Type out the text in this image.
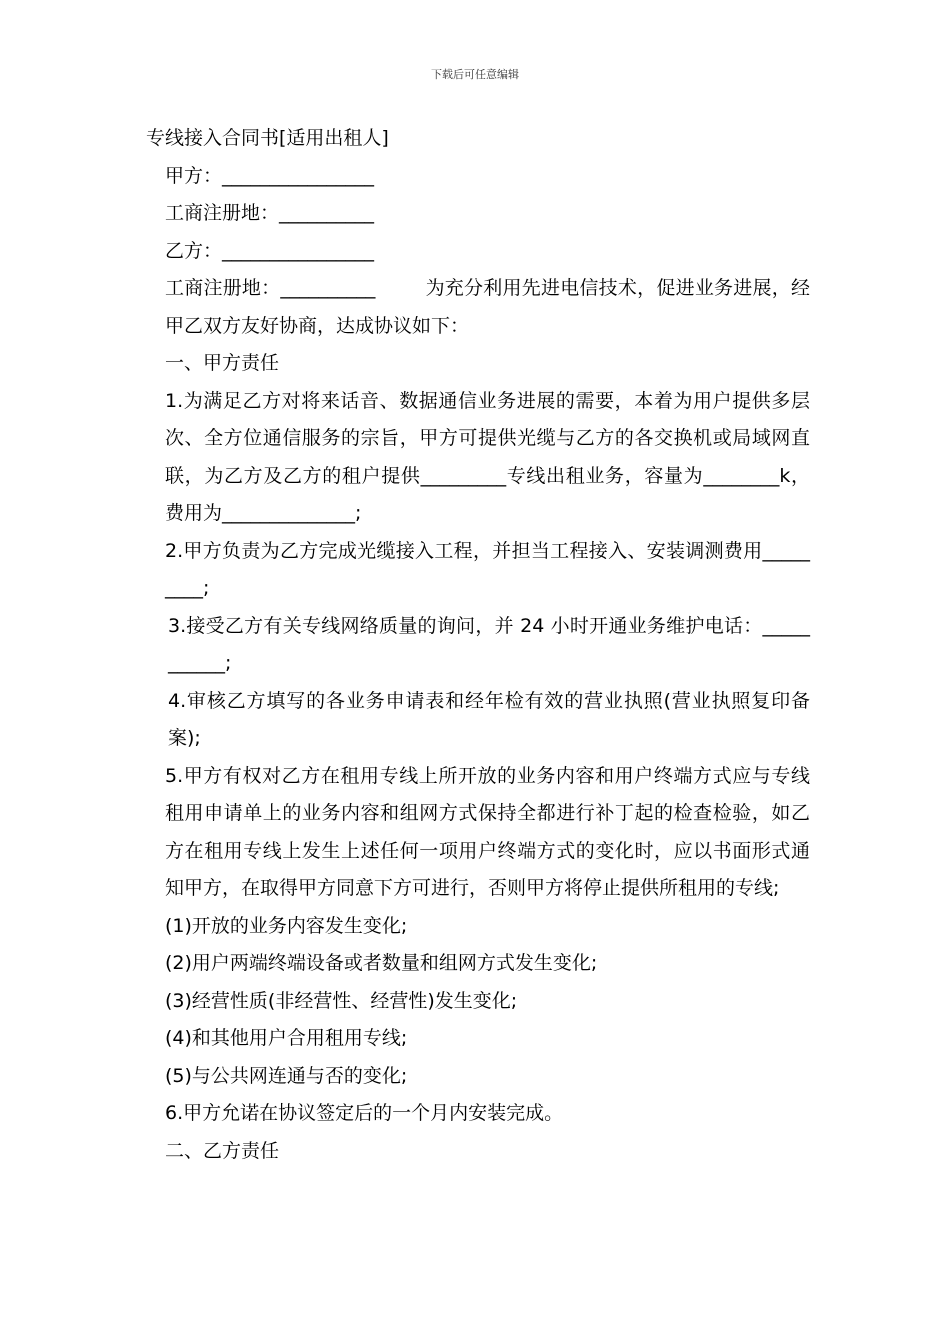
下载后可任意编辑

专线接入合同书[适用出租人]

甲方：________________

工商注册地：__________

乙方：________________

工商注册地：__________        为充分利用先进电信技术，促进业务进展，经甲乙双方友好协商，达成协议如下：

一、甲方责任

1.为满足乙方对将来话音、数据通信业务进展的需要，本着为用户提供多层次、全方位通信服务的宗旨，甲方可提供光缆与乙方的各交换机或局域网直联，为乙方及乙方的租户提供_________专线出租业务，容量为________k，费用为______________;

2.甲方负责为乙方完成光缆接入工程，并担当工程接入、安装调测费用_________;

3.接受乙方有关专线网络质量的询问，并 24 小时开通业务维护电话：___________;

4.审核乙方填写的各业务申请表和经年检有效的营业执照(营业执照复印备案);

5.甲方有权对乙方在租用专线上所开放的业务内容和用户终端方式应与专线租用申请单上的业务内容和组网方式保持全都进行补丁起的检查检验，如乙方在租用专线上发生上述任何一项用户终端方式的变化时，应以书面形式通知甲方，在取得甲方同意下方可进行，否则甲方将停止提供所租用的专线;

(1)开放的业务内容发生变化;

(2)用户两端终端设备或者数量和组网方式发生变化;

(3)经营性质(非经营性、经营性)发生变化;

(4)和其他用户合用租用专线;

(5)与公共网连通与否的变化;

6.甲方允诺在协议签定后的一个月内安装完成。

二、乙方责任
